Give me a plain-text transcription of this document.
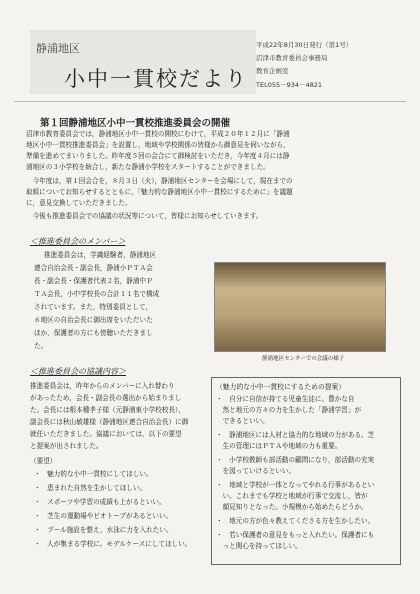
静浦地区
小中一貫校だより
平成22年8月30日発行（第1号）
沼津市教育委員会事務局
教育企画室
TEL055－934－4821
第１回静浦地区小中一貫校推進委員会の開催
沼津市教育委員会では，静浦地区小中一貫校の開校にむけて，平成２０年１２月に「静浦
地区小中一貫校推進委員会」を設置し，地域や学校関係の皆様から御意見を伺いながら，
準備を進めてまいりました。昨年度５回の会合にて御検討をいただき，今年度４月には静
浦地区の３小学校を統合し，新たな静浦小学校をスタートすることができました。
　今年度は，第１回会合を，８月３日（火），静浦地区センターを会場にして，現在までの
取組についてお知らせするとともに，「魅力的な静浦地区小中一貫校にするために」を議題
に，意見交換していただきました。
　今後も推進委員会での協議の状況等について，皆様にお知らせしていきます。
＜推進委員会のメンバー＞
推進委員会は，学識経験者，静浦地区
連合自治会長・副会長，静浦小ＰＴＡ会
長・副会長・保護者代表２名，静浦中Ｐ
ＴＡ会長，小中学校長の合計１１名で構成
されています。また，特別委員として，
６地区の自治会長に御出席をいただいた
ほか，保護者の方にも傍聴いただきまし
た。
静浦地区センターでの会議の様子
＜推進委員会の協議内容＞
推進委員会は，昨年からのメンバーに入れ替わり
があったため，会長・副会長の選出から始まりまし
た。会長には根本種孝子様（元静浦東小学校校長），
副会長には秋山敏雄様（静浦地区連合自治会長）に御
就任いただきました。協議においては，以下の要望
と提案が出されました。
（要望）
・　魅力的な小中一貫校にしてほしい。
・　恵まれた自然を生かしてほしい。
・　スポーツや学習の成績も上がるといい。
・　芝生の運動場やビオトープがあるといい。
・　プール施設を整え，水泳に力を入れたい。
・　人が集まる学校に。モデルケースにしてほしい。
（魅力的な小中一貫校にするための提案）
・　自分に自信が持てる児童生徒に。豊かな自
　然と地元の方々の力を生かした「静浦学習」が
　できるといい。
・　静浦地区には人材と協力的な地域の力がある。芝
　生の管理にはＰＴＡや地域の力も重要。
・　小学校教師も部活動の顧問になり，部活動の充実
　を図っていけるといい。
・　地域と学校が一体となってやれる行事があるとい
　い。これまでも学校と地域が行事で交流し，皆が
　顔見知りとなった。小規模から始めたらどうか。
・　地元の方が色々教えてくださる方を生かしたい。
・　若い保護者の意見をもっと入れたい。保護者にも
　っと関心を持ってほしい。
